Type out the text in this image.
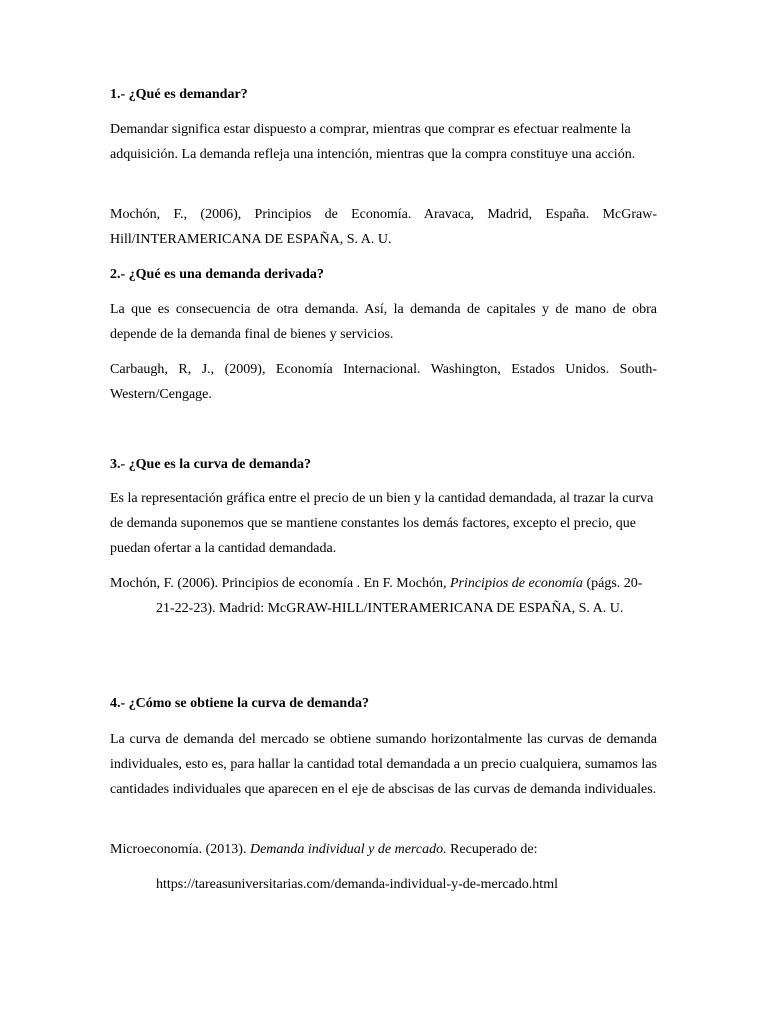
1.- ¿Qué es demandar?

Demandar significa estar dispuesto a comprar, mientras que comprar es efectuar realmente la adquisición. La demanda refleja una intención, mientras que la compra constituye una acción.

Mochón, F., (2006), Principios de Economía. Aravaca, Madrid, España. McGraw-Hill/INTERAMERICANA DE ESPAÑA, S. A. U.

2.- ¿Qué es una demanda derivada?

La que es consecuencia de otra demanda. Así, la demanda de capitales y de mano de obra depende de la demanda final de bienes y servicios.

Carbaugh, R, J., (2009), Economía Internacional. Washington, Estados Unidos. South-Western/Cengage.

3.- ¿Que es la curva de demanda?

Es la representación gráfica entre el precio de un bien y la cantidad demandada, al trazar la curva de demanda suponemos que se mantiene constantes los demás factores, excepto el precio, que puedan ofertar a la cantidad demandada.

Mochón, F. (2006). Principios de economía . En F. Mochón, Principios de economía (págs. 20-21-22-23). Madrid: McGRAW-HILL/INTERAMERICANA DE ESPAÑA, S. A. U.

4.- ¿Cómo se obtiene la curva de demanda?

La curva de demanda del mercado se obtiene sumando horizontalmente las curvas de demanda individuales, esto es, para hallar la cantidad total demandada a un precio cualquiera, sumamos las cantidades individuales que aparecen en el eje de abscisas de las curvas de demanda individuales.

Microeconomía. (2013). Demanda individual y de mercado. Recuperado de:

https://tareasuniversitarias.com/demanda-individual-y-de-mercado.html
